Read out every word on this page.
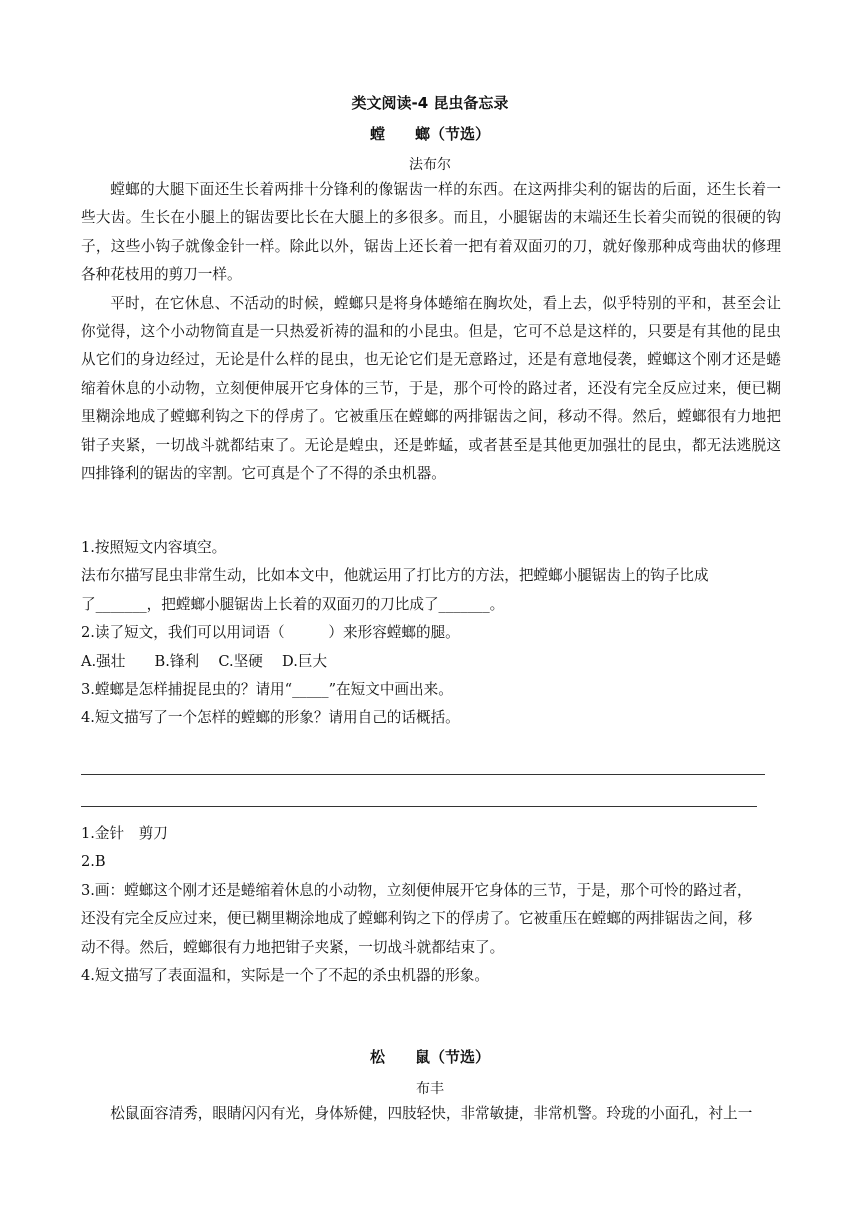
类文阅读-4 昆虫备忘录
螳　　螂（节选）
法布尔

螳螂的大腿下面还生长着两排十分锋利的像锯齿一样的东西。在这两排尖利的锯齿的后面，还生长着一些大齿。生长在小腿上的锯齿要比长在大腿上的多很多。而且，小腿锯齿的末端还生长着尖而锐的很硬的钩子，这些小钩子就像金针一样。除此以外，锯齿上还长着一把有着双面刃的刀，就好像那种成弯曲状的修理各种花枝用的剪刀一样。

平时，在它休息、不活动的时候，螳螂只是将身体蜷缩在胸坎处，看上去，似乎特别的平和，甚至会让你觉得，这个小动物简直是一只热爱祈祷的温和的小昆虫。但是，它可不总是这样的，只要是有其他的昆虫从它们的身边经过，无论是什么样的昆虫，也无论它们是无意路过，还是有意地侵袭，螳螂这个刚才还是蜷缩着休息的小动物，立刻便伸展开它身体的三节，于是，那个可怜的路过者，还没有完全反应过来，便已糊里糊涂地成了螳螂利钩之下的俘虏了。它被重压在螳螂的两排锯齿之间，移动不得。然后，螳螂很有力地把钳子夹紧，一切战斗就都结束了。无论是蝗虫，还是蚱蜢，或者甚至是其他更加强壮的昆虫，都无法逃脱这四排锋利的锯齿的宰割。它可真是个了不得的杀虫机器。

1.按照短文内容填空。
法布尔描写昆虫非常生动，比如本文中，他就运用了打比方的方法，把螳螂小腿锯齿上的钩子比成
了_______，把螳螂小腿锯齿上长着的双面刃的刀比成了_______。
2.读了短文，我们可以用词语（　　　）来形容螳螂的腿。
A.强壮　　B.锋利　 C.坚硬　 D.巨大
3.螳螂是怎样捕捉昆虫的？请用“_____”在短文中画出来。
4.短文描写了一个怎样的螳螂的形象？请用自己的话概括。
1.金针　剪刀
2.B
3.画：螳螂这个刚才还是蜷缩着休息的小动物，立刻便伸展开它身体的三节，于是，那个可怜的路过者，
还没有完全反应过来，便已糊里糊涂地成了螳螂利钩之下的俘虏了。它被重压在螳螂的两排锯齿之间，移
动不得。然后，螳螂很有力地把钳子夹紧，一切战斗就都结束了。
4.短文描写了表面温和，实际是一个了不起的杀虫机器的形象。
松　　鼠（节选）
布丰
松鼠面容清秀，眼睛闪闪有光，身体矫健，四肢轻快，非常敏捷，非常机警。玲珑的小面孔，衬上一
